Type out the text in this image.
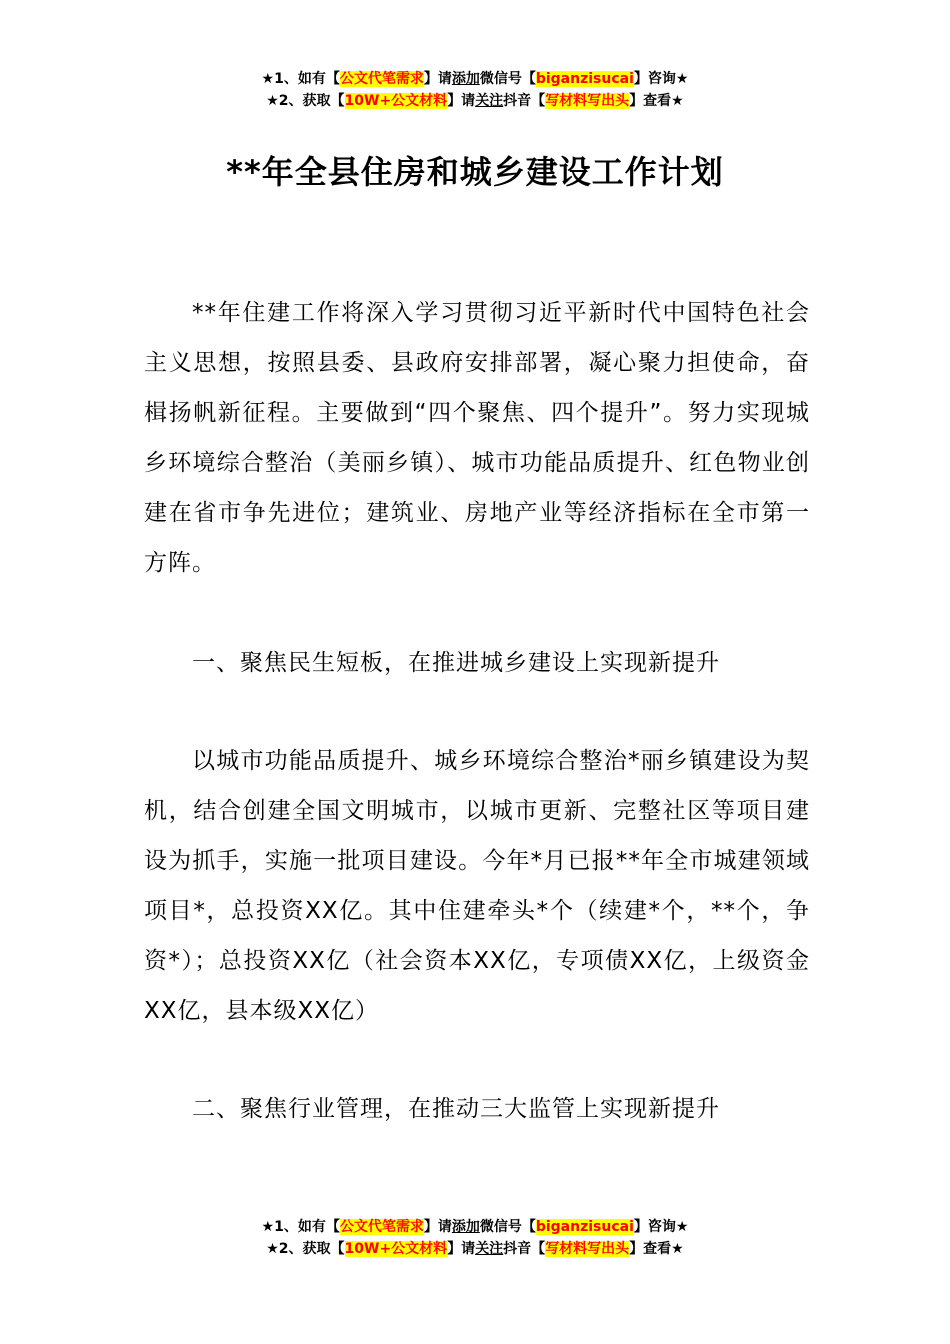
★1、如有【公文代笔需求】请添加微信号【biganzisucai】咨询★
★2、获取【10W+公文材料】请关注抖音【写材料写出头】查看★
**年全县住房和城乡建设工作计划
**年住建工作将深入学习贯彻习近平新时代中国特色社会主义思想，按照县委、县政府安排部署，凝心聚力担使命，奋楫扬帆新征程。主要做到“四个聚焦、四个提升”。努力实现城乡环境综合整治（美丽乡镇）、城市功能品质提升、红色物业创建在省市争先进位；建筑业、房地产业等经济指标在全市第一方阵。
一、聚焦民生短板，在推进城乡建设上实现新提升
以城市功能品质提升、城乡环境综合整治*丽乡镇建设为契机，结合创建全国文明城市，以城市更新、完整社区等项目建设为抓手，实施一批项目建设。今年*月已报**年全市城建领域项目*，总投资XX亿。其中住建牵头*个（续建*个，**个，争资*）；总投资XX亿（社会资本XX亿，专项债XX亿，上级资金XX亿，县本级XX亿）
二、聚焦行业管理，在推动三大监管上实现新提升
★1、如有【公文代笔需求】请添加微信号【biganzisucai】咨询★
★2、获取【10W+公文材料】请关注抖音【写材料写出头】查看★
